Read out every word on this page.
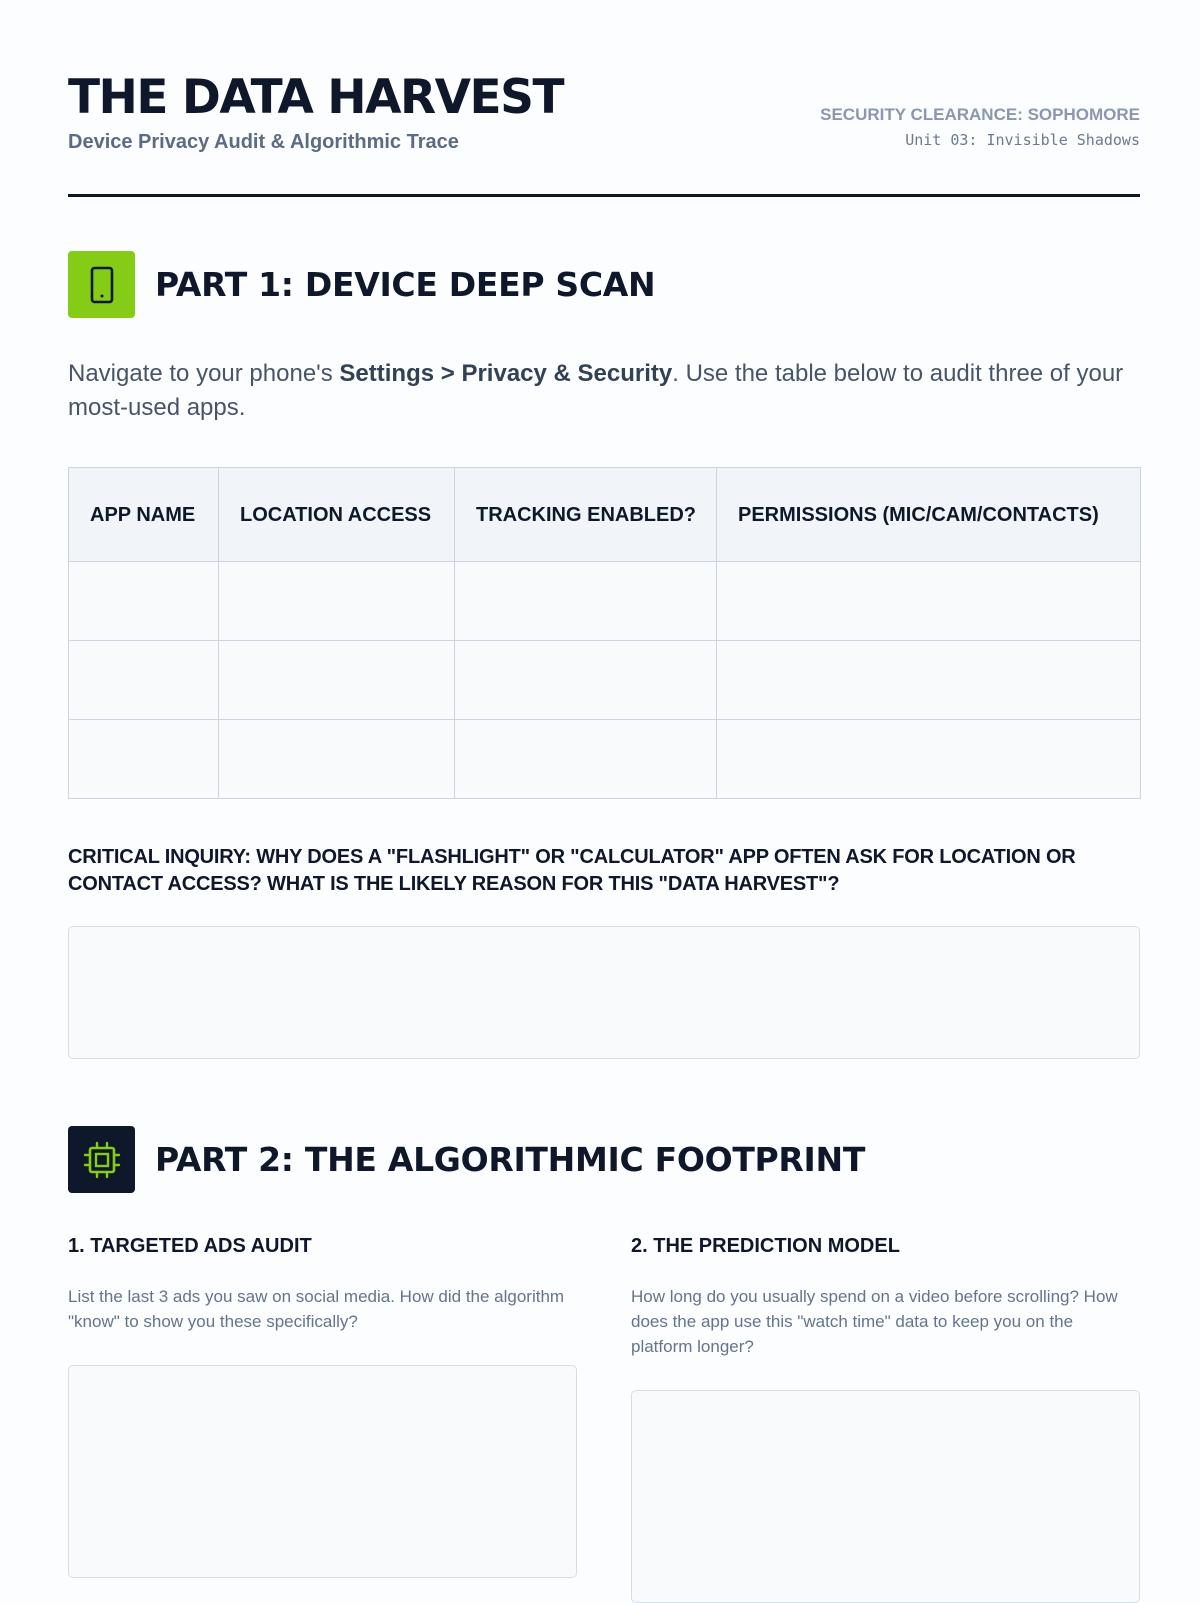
THE DATA HARVEST
Device Privacy Audit & Algorithmic Trace
SECURITY CLEARANCE: SOPHOMORE
Unit 03: Invisible Shadows
PART 1: DEVICE DEEP SCAN

Navigate to your phone's Settings > Privacy & Security. Use the table below to audit three of your most-used apps.

APP NAME	LOCATION ACCESS	TRACKING ENABLED?	PERMISSIONS (MIC/CAM/CONTACTS)

CRITICAL INQUIRY: WHY DOES A "FLASHLIGHT" OR "CALCULATOR" APP OFTEN ASK FOR LOCATION OR CONTACT ACCESS? WHAT IS THE LIKELY REASON FOR THIS "DATA HARVEST"?

PART 2: THE ALGORITHMIC FOOTPRINT
1. TARGETED ADS AUDIT

List the last 3 ads you saw on social media. How did the algorithm "know" to show you these specifically?

2. THE PREDICTION MODEL

How long do you usually spend on a video before scrolling? How does the app use this "watch time" data to keep you on the platform longer?
